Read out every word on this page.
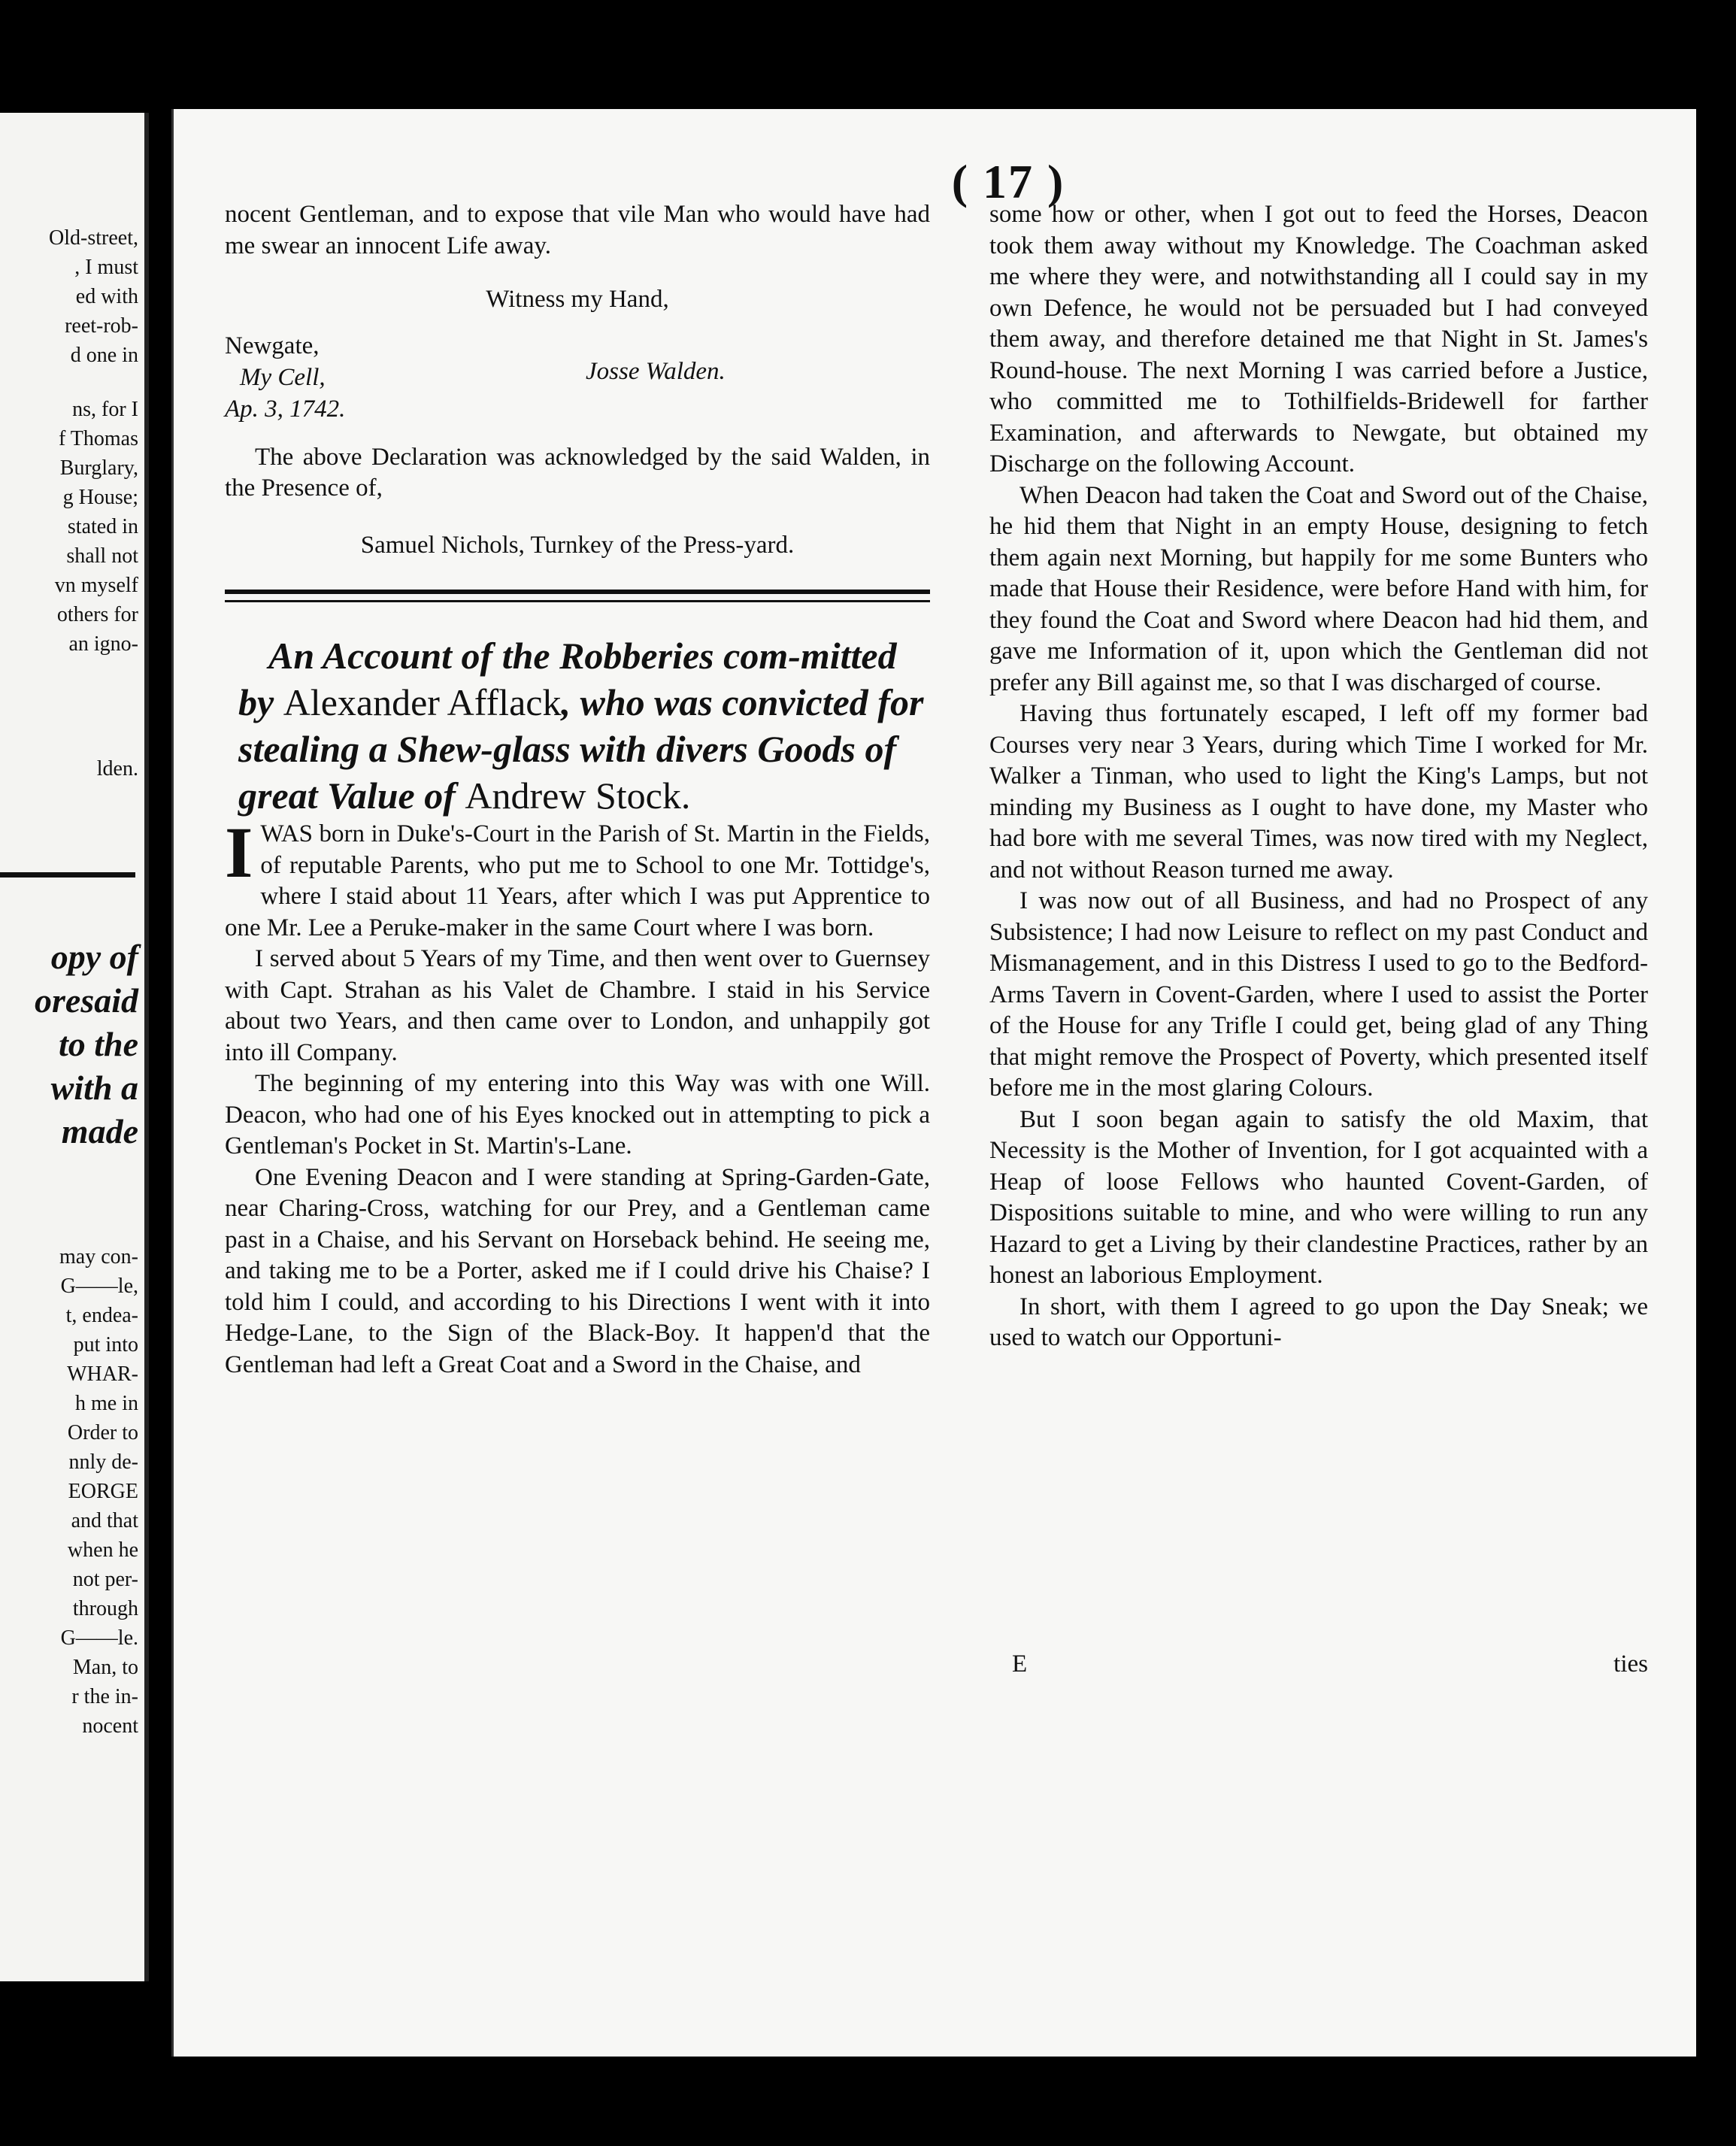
Old-street,
, I must
ed with
reet-rob-
d one in
ns, for I
f Thomas
Burglary,
g House;
stated in
shall not
vn myself
others for
an igno-
lden.
opy of
oresaid
to the
with a
made
may con-
G——le,
t, endea-
put into
WHAR-
h me in
Order to
nnly de-
EORGE
and that
when he
not per-
through
G——le.
Man, to
r the in-
nocent
( 17 )

nocent Gentleman, and to expose that vile Man who would have had me swear an innocent Life away.

Witness my Hand,

Newgate,
My Cell,
Ap. 3, 1742.
Josse Walden.

The above Declaration was acknowledged by the said Walden, in the Presence of,

Samuel Nichols, Turnkey of the Press-yard.

An Account of the Robberies com-mitted by Alexander Afflack, who was convicted for stealing a Shew-glass with divers Goods of great Value of Andrew Stock.

IWAS born in Duke's-Court in the Parish of St. Martin in the Fields, of reputable Parents, who put me to School to one Mr. Tottidge's, where I staid about 11 Years, after which I was put Apprentice to one Mr. Lee a Peruke-maker in the same Court where I was born.

I served about 5 Years of my Time, and then went over to Guernsey with Capt. Strahan as his Valet de Chambre. I staid in his Service about two Years, and then came over to London, and unhappily got into ill Company.

The beginning of my entering into this Way was with one Will. Deacon, who had one of his Eyes knocked out in attempting to pick a Gentleman's Pocket in St. Martin's-Lane.

One Evening Deacon and I were standing at Spring-Garden-Gate, near Charing-Cross, watching for our Prey, and a Gentleman came past in a Chaise, and his Servant on Horseback behind. He seeing me, and taking me to be a Porter, asked me if I could drive his Chaise? I told him I could, and according to his Directions I went with it into Hedge-Lane, to the Sign of the Black-Boy. It happen'd that the Gentleman had left a Great Coat and a Sword in the Chaise, and

some how or other, when I got out to feed the Horses, Deacon took them away without my Knowledge. The Coachman asked me where they were, and notwithstanding all I could say in my own Defence, he would not be persuaded but I had conveyed them away, and therefore detained me that Night in St. James's Round-house. The next Morning I was carried before a Justice, who committed me to Tothilfields-Bridewell for farther Examination, and afterwards to Newgate, but obtained my Discharge on the following Account.

When Deacon had taken the Coat and Sword out of the Chaise, he hid them that Night in an empty House, designing to fetch them again next Morning, but happily for me some Bunters who made that House their Residence, were before Hand with him, for they found the Coat and Sword where Deacon had hid them, and gave me Information of it, upon which the Gentleman did not prefer any Bill against me, so that I was discharged of course.

Having thus fortunately escaped, I left off my former bad Courses very near 3 Years, during which Time I worked for Mr. Walker a Tinman, who used to light the King's Lamps, but not minding my Business as I ought to have done, my Master who had bore with me several Times, was now tired with my Neglect, and not without Reason turned me away.

I was now out of all Business, and had no Prospect of any Subsistence; I had now Leisure to reflect on my past Conduct and Mismanagement, and in this Distress I used to go to the Bedford-Arms Tavern in Covent-Garden, where I used to assist the Porter of the House for any Trifle I could get, being glad of any Thing that might remove the Prospect of Poverty, which presented itself before me in the most glaring Colours.

But I soon began again to satisfy the old Maxim, that Necessity is the Mother of Invention, for I got acquainted with a Heap of loose Fellows who haunted Covent-Garden, of Dispositions suitable to mine, and who were willing to run any Hazard to get a Living by their clandestine Practices, rather by an honest an laborious Employment.

In short, with them I agreed to go upon the Day Sneak; we used to watch our Opportuni-

E	ties
